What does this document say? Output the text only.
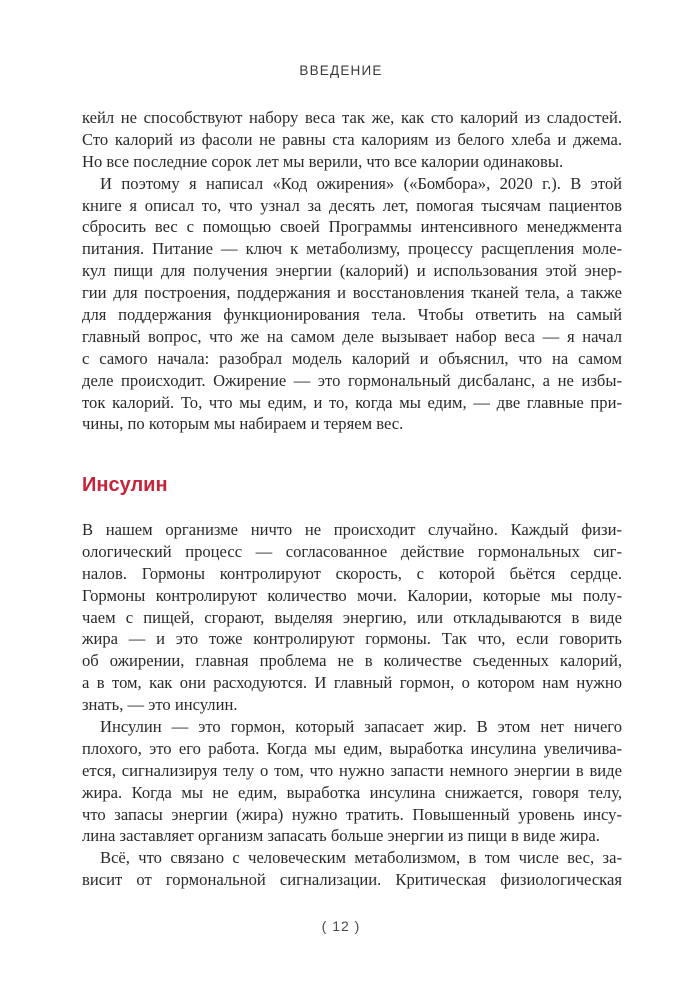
ВВЕДЕНИЕ
кейл не способствуют набору веса так же, как сто калорий из сладостей.
Сто калорий из фасоли не равны ста калориям из белого хлеба и джема.
Но все последние сорок лет мы верили, что все калории одинаковы.
И поэтому я написал «Код ожирения» («Бомбора», 2020 г.). В этой
книге я описал то, что узнал за десять лет, помогая тысячам пациентов
сбросить вес с помощью своей Программы интенсивного менеджмента
питания. Питание — ключ к метаболизму, процессу расщепления моле-
кул пищи для получения энергии (калорий) и использования этой энер-
гии для построения, поддержания и восстановления тканей тела, а также
для поддержания функционирования тела. Чтобы ответить на самый
главный вопрос, что же на самом деле вызывает набор веса — я начал
с самого начала: разобрал модель калорий и объяснил, что на самом
деле происходит. Ожирение — это гормональный дисбаланс, а не избы-
ток калорий. То, что мы едим, и то, когда мы едим, — две главные при-
чины, по которым мы набираем и теряем вес.
Инсулин
В нашем организме ничто не происходит случайно. Каждый физи-
ологический процесс — согласованное действие гормональных сиг-
налов. Гормоны контролируют скорость, с которой бьётся сердце.
Гормоны контролируют количество мочи. Калории, которые мы полу-
чаем с пищей, сгорают, выделяя энергию, или откладываются в виде
жира — и это тоже контролируют гормоны. Так что, если говорить
об ожирении, главная проблема не в количестве съеденных калорий,
а в том, как они расходуются. И главный гормон, о котором нам нужно
знать, — это инсулин.
Инсулин — это гормон, который запасает жир. В этом нет ничего
плохого, это его работа. Когда мы едим, выработка инсулина увеличива-
ется, сигнализируя телу о том, что нужно запасти немного энергии в виде
жира. Когда мы не едим, выработка инсулина снижается, говоря телу,
что запасы энергии (жира) нужно тратить. Повышенный уровень инсу-
лина заставляет организм запасать больше энергии из пищи в виде жира.
Всё, что связано с человеческим метаболизмом, в том числе вес, за-
висит от гормональной сигнализации. Критическая физиологическая
( 12 )
